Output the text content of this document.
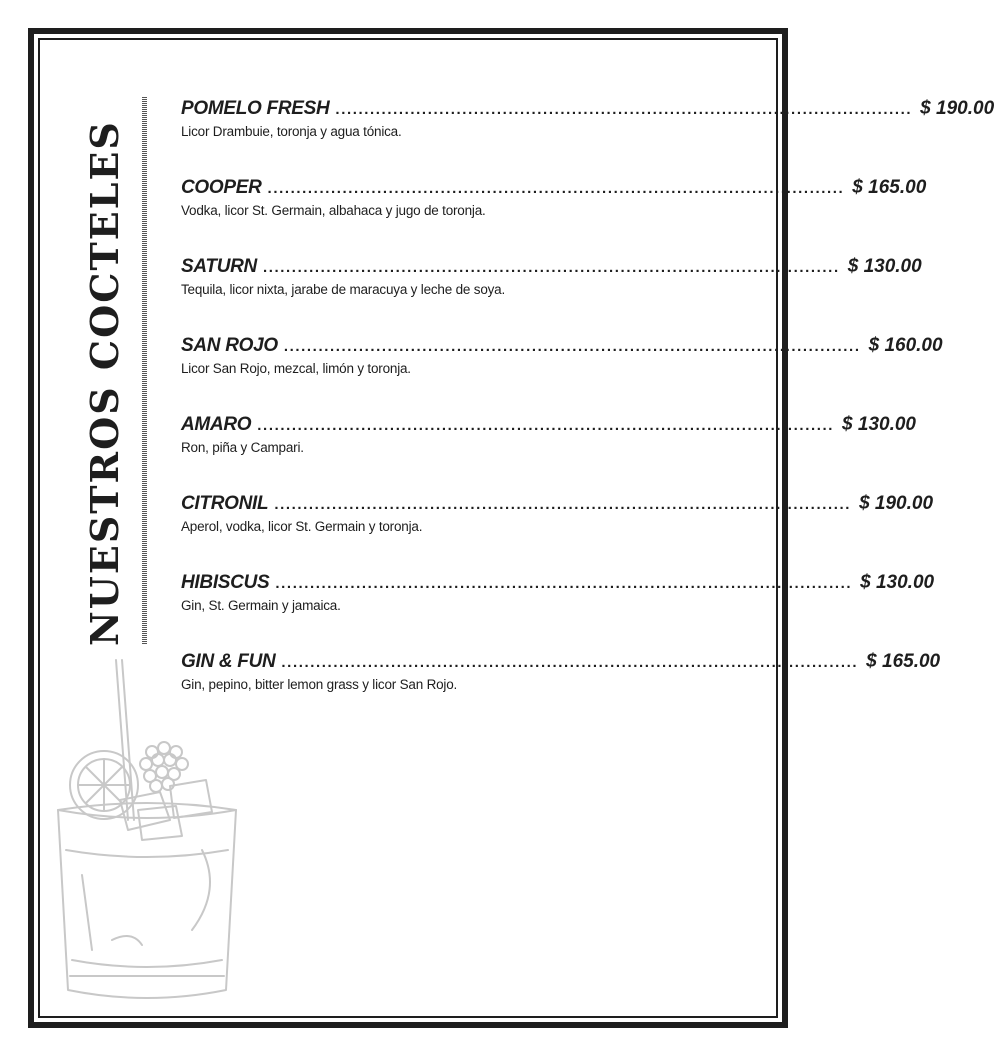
NUESTROS COCTELES
POMELO FRESH .................................................................................................... $ 190.00
Licor Drambuie, toronja y agua tónica.
COOPER .................................................................................................... $ 165.00
Vodka, licor St. Germain, albahaca y jugo de toronja.
SATURN .................................................................................................... $ 130.00
Tequila, licor nixta, jarabe de maracuya y leche de soya.
SAN ROJO .................................................................................................... $ 160.00
Licor San Rojo, mezcal, limón y toronja.
AMARO .................................................................................................... $ 130.00
Ron, piña y Campari.
CITRONIL .................................................................................................... $ 190.00
Aperol, vodka, licor St. Germain y toronja.
HIBISCUS .................................................................................................... $ 130.00
Gin, St. Germain y jamaica.
GIN & FUN .................................................................................................... $ 165.00
Gin, pepino, bitter lemon grass y licor San Rojo.
